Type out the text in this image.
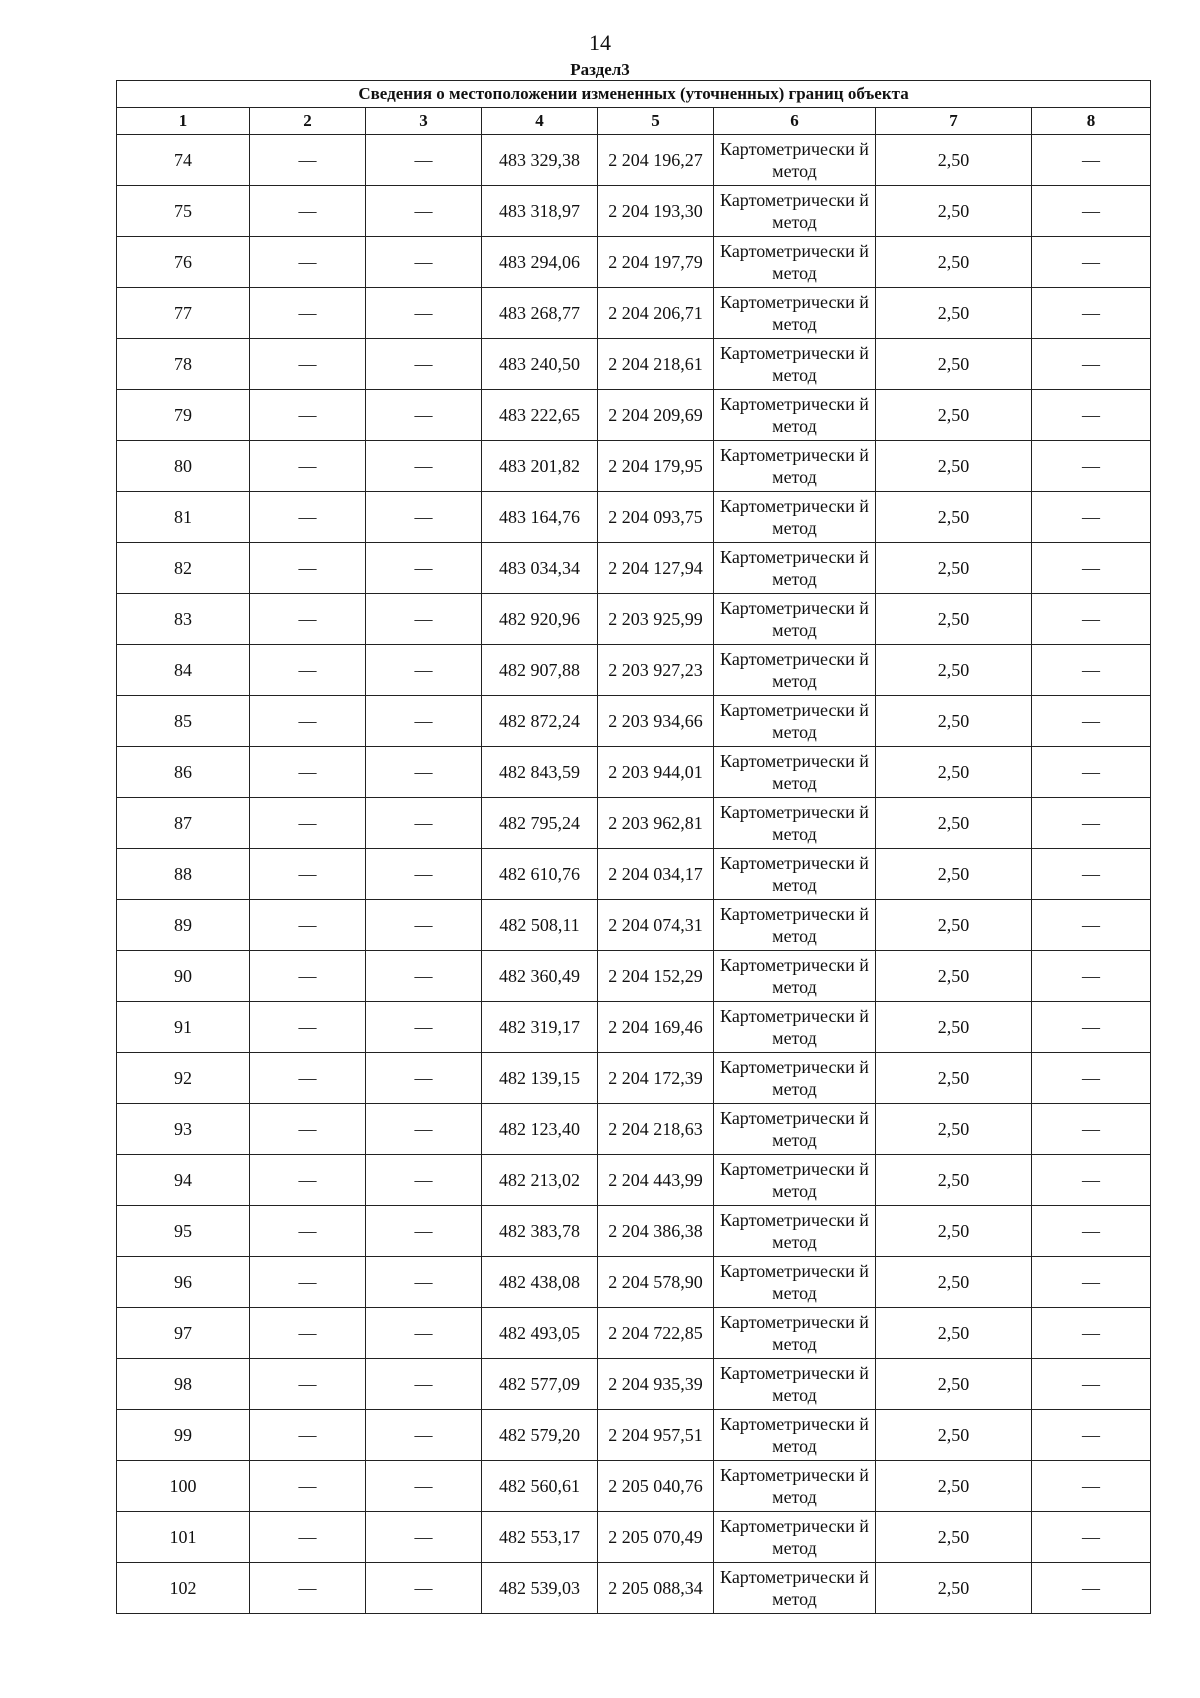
14
Раздел3
Сведения о местоположении измененных (уточненных) границ объекта							
1	2	3	4	5	6	7	8
74	—	—	483 329,38	2 204 196,27	Картометрически й метод	2,50	—
75	—	—	483 318,97	2 204 193,30	Картометрически й метод	2,50	—
76	—	—	483 294,06	2 204 197,79	Картометрически й метод	2,50	—
77	—	—	483 268,77	2 204 206,71	Картометрически й метод	2,50	—
78	—	—	483 240,50	2 204 218,61	Картометрически й метод	2,50	—
79	—	—	483 222,65	2 204 209,69	Картометрически й метод	2,50	—
80	—	—	483 201,82	2 204 179,95	Картометрически й метод	2,50	—
81	—	—	483 164,76	2 204 093,75	Картометрически й метод	2,50	—
82	—	—	483 034,34	2 204 127,94	Картометрически й метод	2,50	—
83	—	—	482 920,96	2 203 925,99	Картометрически й метод	2,50	—
84	—	—	482 907,88	2 203 927,23	Картометрически й метод	2,50	—
85	—	—	482 872,24	2 203 934,66	Картометрически й метод	2,50	—
86	—	—	482 843,59	2 203 944,01	Картометрически й метод	2,50	—
87	—	—	482 795,24	2 203 962,81	Картометрически й метод	2,50	—
88	—	—	482 610,76	2 204 034,17	Картометрически й метод	2,50	—
89	—	—	482 508,11	2 204 074,31	Картометрически й метод	2,50	—
90	—	—	482 360,49	2 204 152,29	Картометрически й метод	2,50	—
91	—	—	482 319,17	2 204 169,46	Картометрически й метод	2,50	—
92	—	—	482 139,15	2 204 172,39	Картометрически й метод	2,50	—
93	—	—	482 123,40	2 204 218,63	Картометрически й метод	2,50	—
94	—	—	482 213,02	2 204 443,99	Картометрически й метод	2,50	—
95	—	—	482 383,78	2 204 386,38	Картометрически й метод	2,50	—
96	—	—	482 438,08	2 204 578,90	Картометрически й метод	2,50	—
97	—	—	482 493,05	2 204 722,85	Картометрически й метод	2,50	—
98	—	—	482 577,09	2 204 935,39	Картометрически й метод	2,50	—
99	—	—	482 579,20	2 204 957,51	Картометрически й метод	2,50	—
100	—	—	482 560,61	2 205 040,76	Картометрически й метод	2,50	—
101	—	—	482 553,17	2 205 070,49	Картометрически й метод	2,50	—
102	—	—	482 539,03	2 205 088,34	Картометрически й метод	2,50	—
